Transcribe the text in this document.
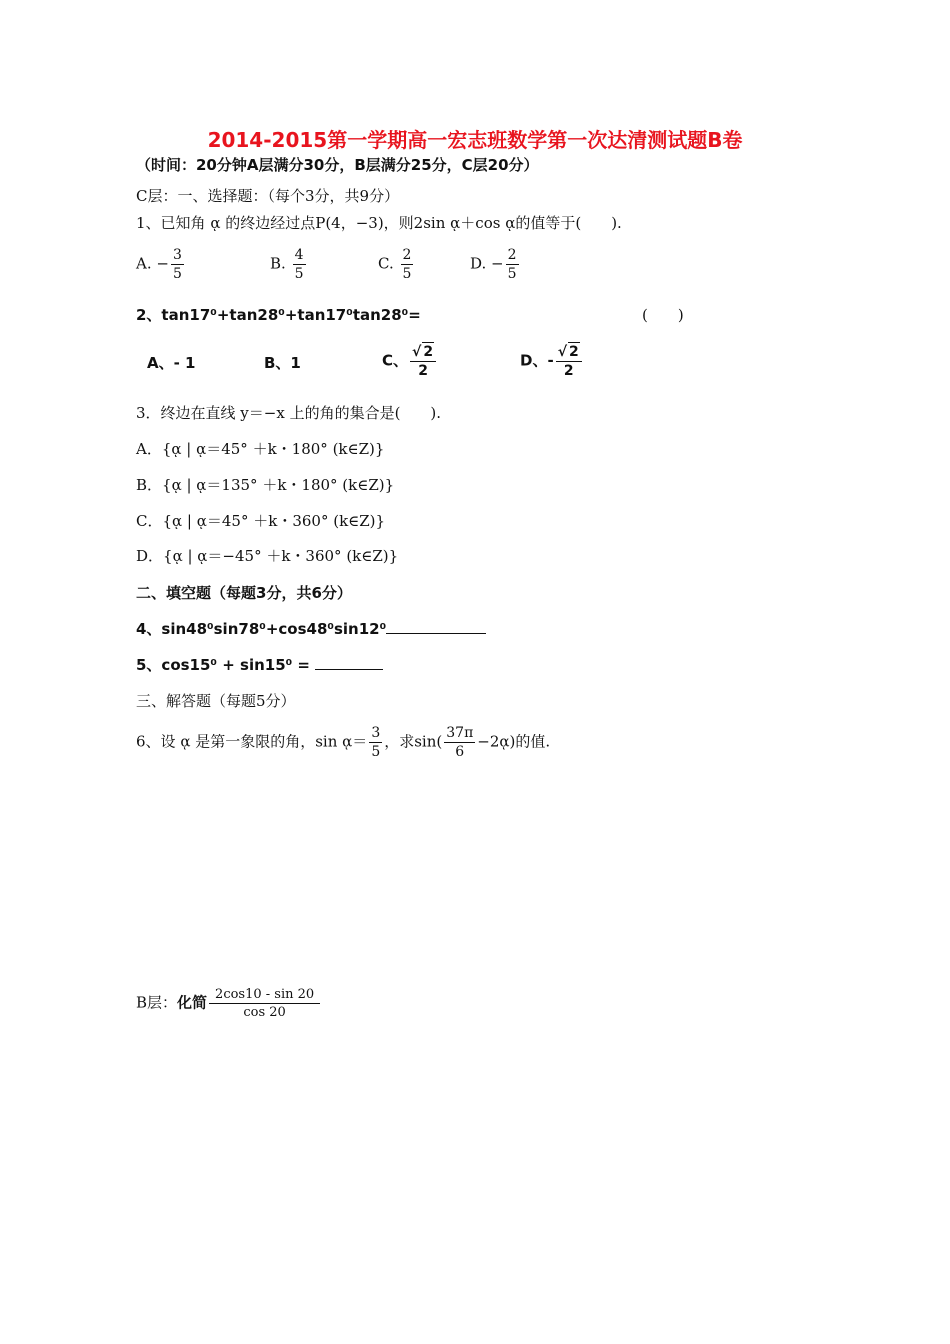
2014-2015第一学期高一宏志班数学第一次达清测试题B卷
（时间：20分钟A层满分30分，B层满分25分，C层20分）
C层：一、选择题：（每个3分，共9分）
1、已知角 ᾳ 的终边经过点P(4，−3)，则2sin ᾳ＋cos ᾳ的值等于(　　).
A. − $\frac{3}{5}$	B. $\frac{4}{5}$	C. $\frac{2}{5}$	D. − $\frac{2}{5}$
2、tan17⁰+tan28⁰+tan17⁰tan28⁰=	(　　)
A、- 1	B、1	C、 $\frac{√ 2}{2}$	D、- $\frac{√ 2}{2}$
3．终边在直线 y＝−x 上的角的集合是(　　).
A．{ᾳ | ᾳ＝45° ＋k・180° (k∈Z)}
B．{ᾳ | ᾳ＝135° ＋k・180° (k∈Z)}
C．{ᾳ | ᾳ＝45° ＋k・360° (k∈Z)}
D．{ᾳ | ᾳ＝−45° ＋k・360° (k∈Z)}
二、填空题（每题3分，共6分）
4、sin48⁰sin78⁰+cos48⁰sin12⁰
5、cos15⁰ + sin15⁰ =
三、解答题（每题5分）
6、设 ᾳ 是第一象限的角，sin ᾳ＝ $\frac{3}{5}$ ，求$\sin( \frac{37\pi}{6}$ −2ᾳ)的值.
B层：化简 $\frac{2\cos 10 - \sin 20}{\cos 20}$
